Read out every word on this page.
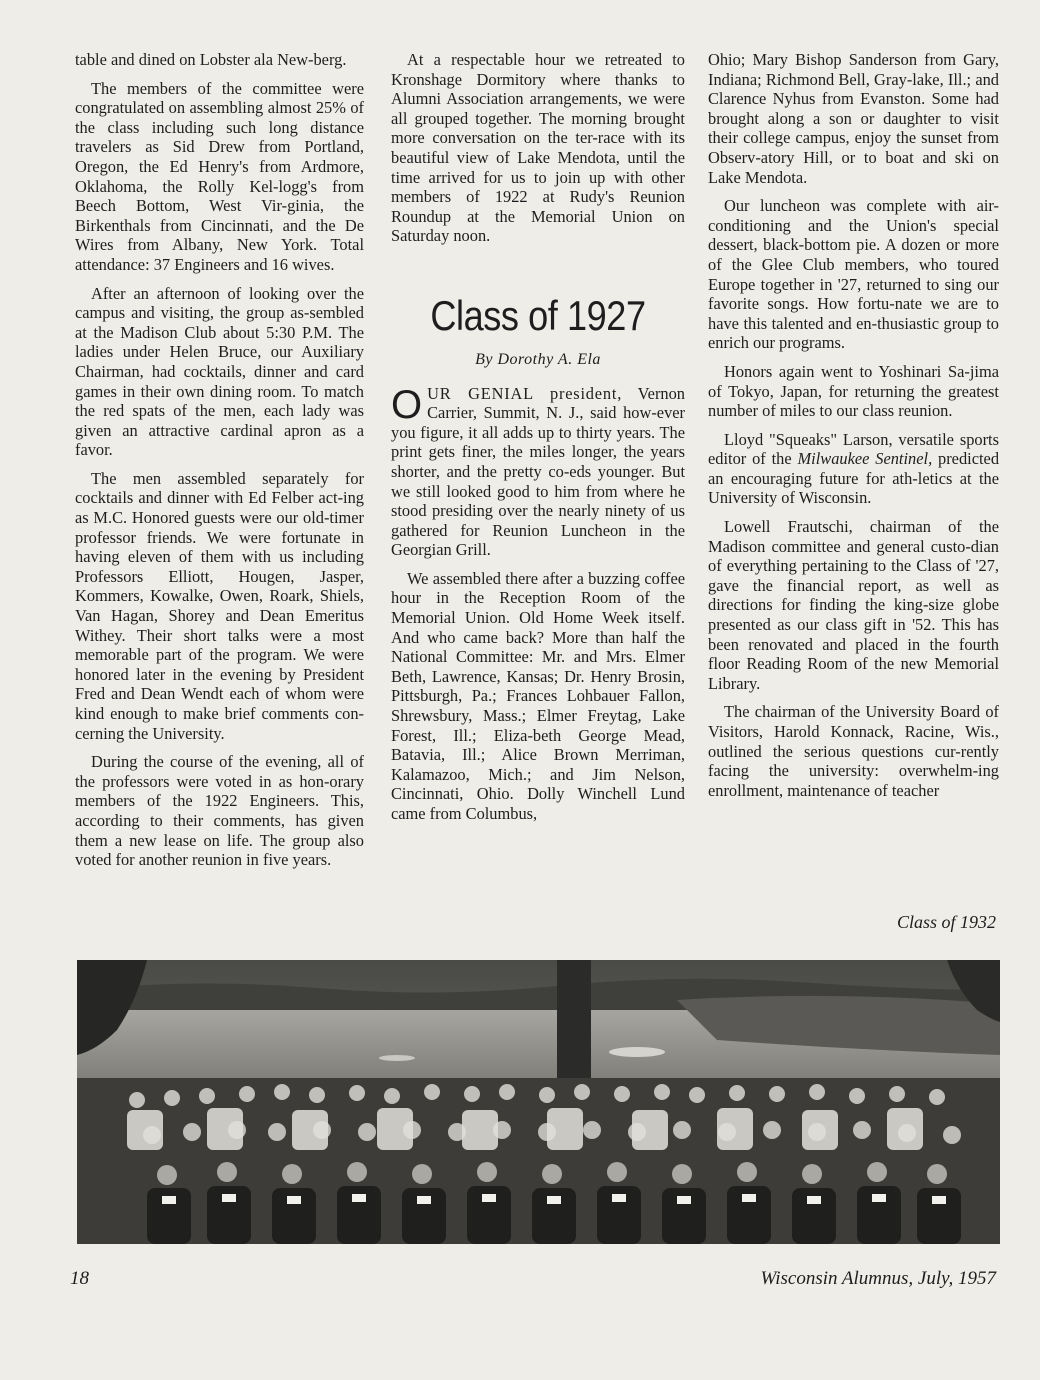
table and dined on Lobster ala New-berg.

The members of the committee were congratulated on assembling almost 25% of the class including such long distance travelers as Sid Drew from Portland, Oregon, the Ed Henry's from Ardmore, Oklahoma, the Rolly Kel-logg's from Beech Bottom, West Vir-ginia, the Birkenthals from Cincinnati, and the De Wires from Albany, New York. Total attendance: 37 Engineers and 16 wives.

After an afternoon of looking over the campus and visiting, the group as-sembled at the Madison Club about 5:30 P.M. The ladies under Helen Bruce, our Auxiliary Chairman, had cocktails, dinner and card games in their own dining room. To match the red spats of the men, each lady was given an attractive cardinal apron as a favor.

The men assembled separately for cocktails and dinner with Ed Felber act-ing as M.C. Honored guests were our old-timer professor friends. We were fortunate in having eleven of them with us including Professors Elliott, Hougen, Jasper, Kommers, Kowalke, Owen, Roark, Shiels, Van Hagan, Shorey and Dean Emeritus Withey. Their short talks were a most memorable part of the program. We were honored later in the evening by President Fred and Dean Wendt each of whom were kind enough to make brief comments con-cerning the University.

During the course of the evening, all of the professors were voted in as hon-orary members of the 1922 Engineers. This, according to their comments, has given them a new lease on life. The group also voted for another reunion in five years.

At a respectable hour we retreated to Kronshage Dormitory where thanks to Alumni Association arrangements, we were all grouped together. The morning brought more conversation on the ter-race with its beautiful view of Lake Mendota, until the time arrived for us to join up with other members of 1922 at Rudy's Reunion Roundup at the Memorial Union on Saturday noon.

Class of 1927
By Dorothy A. Ela

OUR GENIAL president, Vernon Carrier, Summit, N. J., said how-ever you figure, it all adds up to thirty years. The print gets finer, the miles longer, the years shorter, and the pretty co-eds younger. But we still looked good to him from where he stood presiding over the nearly ninety of us gathered for Reunion Luncheon in the Georgian Grill.

We assembled there after a buzzing coffee hour in the Reception Room of the Memorial Union. Old Home Week itself. And who came back? More than half the National Committee: Mr. and Mrs. Elmer Beth, Lawrence, Kansas; Dr. Henry Brosin, Pittsburgh, Pa.; Frances Lohbauer Fallon, Shrewsbury, Mass.; Elmer Freytag, Lake Forest, Ill.; Eliza-beth George Mead, Batavia, Ill.; Alice Brown Merriman, Kalamazoo, Mich.; and Jim Nelson, Cincinnati, Ohio. Dolly Winchell Lund came from Columbus,

Ohio; Mary Bishop Sanderson from Gary, Indiana; Richmond Bell, Gray-lake, Ill.; and Clarence Nyhus from Evanston. Some had brought along a son or daughter to visit their college campus, enjoy the sunset from Observ-atory Hill, or to boat and ski on Lake Mendota.

Our luncheon was complete with air-conditioning and the Union's special dessert, black-bottom pie. A dozen or more of the Glee Club members, who toured Europe together in '27, returned to sing our favorite songs. How fortu-nate we are to have this talented and en-thusiastic group to enrich our programs.

Honors again went to Yoshinari Sa-jima of Tokyo, Japan, for returning the greatest number of miles to our class reunion.

Lloyd "Squeaks" Larson, versatile sports editor of the Milwaukee Sentinel, predicted an encouraging future for ath-letics at the University of Wisconsin.

Lowell Frautschi, chairman of the Madison committee and general custo-dian of everything pertaining to the Class of '27, gave the financial report, as well as directions for finding the king-size globe presented as our class gift in '52. This has been renovated and placed in the fourth floor Reading Room of the new Memorial Library.

The chairman of the University Board of Visitors, Harold Konnack, Racine, Wis., outlined the serious questions cur-rently facing the university: overwhelm-ing enrollment, maintenance of teacher

Class of 1932
18	Wisconsin Alumnus, July, 1957
